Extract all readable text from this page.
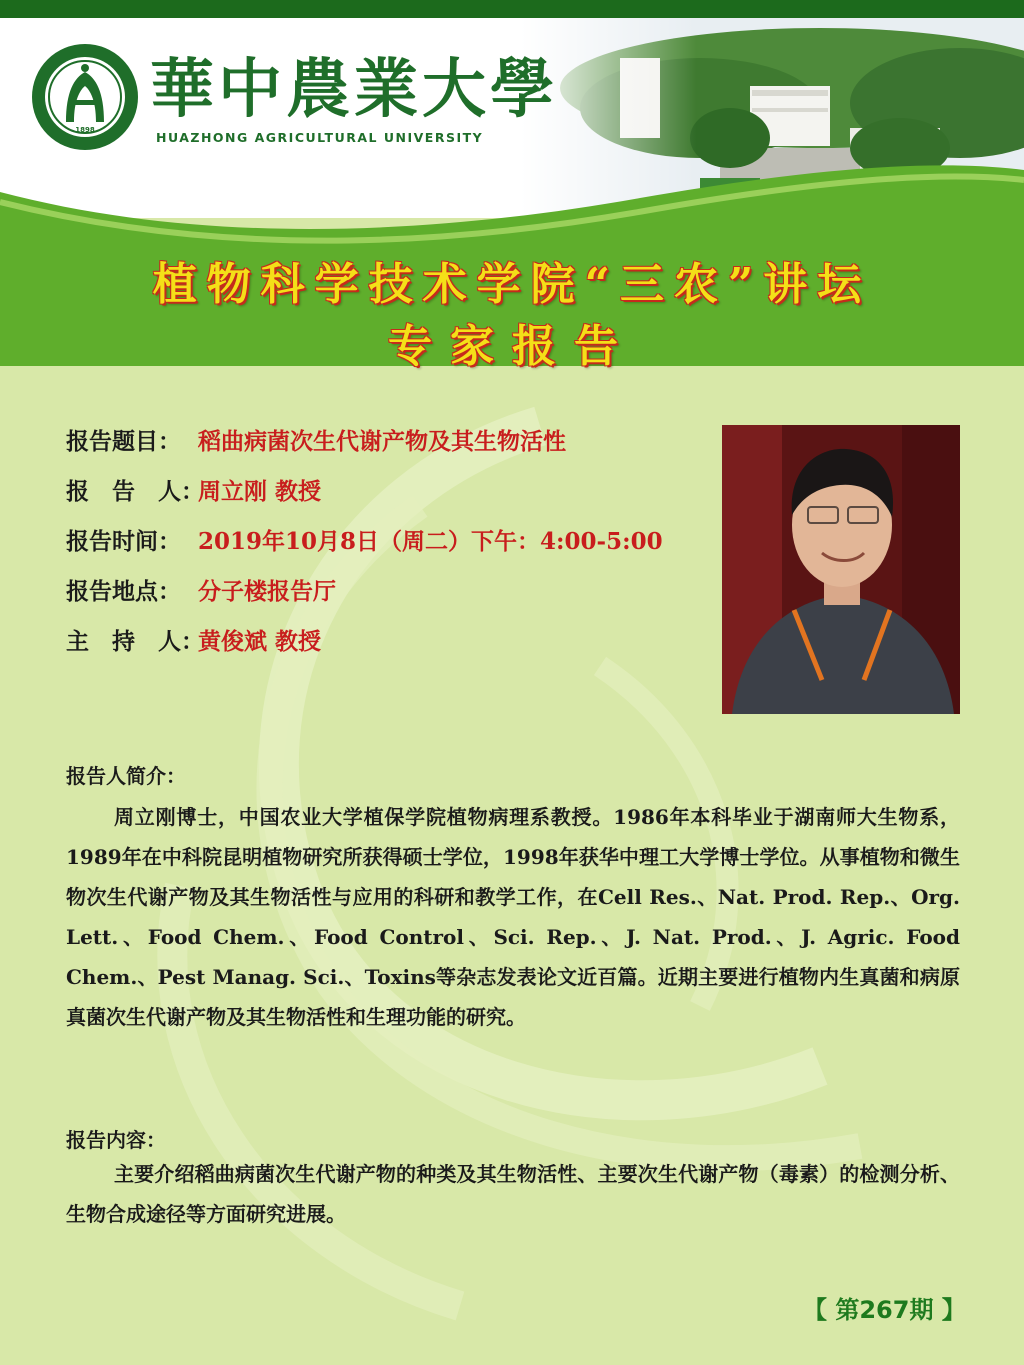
1898
華中農業大學
HUAZHONG AGRICULTURAL UNIVERSITY
植物科学技术学院“三农”讲坛
专家报告
报告题目： 稻曲病菌次生代谢产物及其生物活性
报　告　人：周立刚 教授
报告时间： 2019年10月8日（周二）下午：4:00-5:00
报告地点： 分子楼报告厅
主　持　人：黄俊斌 教授
报告人简介：
周立刚博士，中国农业大学植保学院植物病理系教授。1986年本科毕业于湖南师大生物系，1989年在中科院昆明植物研究所获得硕士学位，1998年获华中理工大学博士学位。从事植物和微生物次生代谢产物及其生物活性与应用的科研和教学工作，在Cell Res.、Nat. Prod. Rep.、Org. Lett.、Food Chem.、Food Control、Sci. Rep.、J. Nat. Prod.、J. Agric. Food Chem.、Pest Manag. Sci.、Toxins等杂志发表论文近百篇。近期主要进行植物内生真菌和病原真菌次生代谢产物及其生物活性和生理功能的研究。
报告内容：
主要介绍稻曲病菌次生代谢产物的种类及其生物活性、主要次生代谢产物（毒素）的检测分析、生物合成途径等方面研究进展。
【 第267期 】
